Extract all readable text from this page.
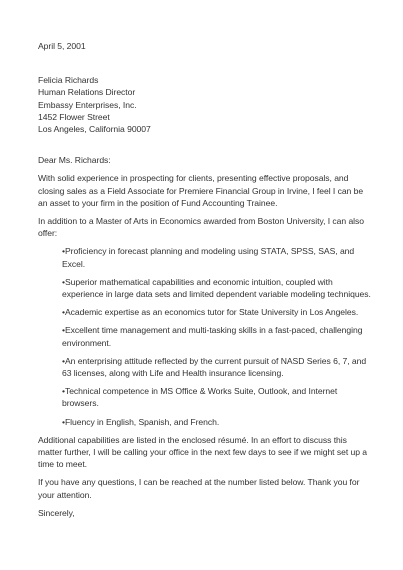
April 5, 2001

Felicia Richards
Human Relations Director
Embassy Enterprises, Inc.
1452 Flower Street
Los Angeles, California 90007

Dear Ms. Richards:

With solid experience in prospecting for clients, presenting effective proposals, and closing sales as a Field Associate for Premiere Financial Group in Irvine, I feel I can be an asset to your firm in the position of Fund Accounting Trainee.

In addition to a Master of Arts in Economics awarded from Boston University, I can also offer:

•Proficiency in forecast planning and modeling using STATA, SPSS, SAS, and Excel.
•Superior mathematical capabilities and economic intuition, coupled with experience in large data sets and limited dependent variable modeling techniques.
•Academic expertise as an economics tutor for State University in Los Angeles.
•Excellent time management and multi-tasking skills in a fast-paced, challenging environment.
•An enterprising attitude reflected by the current pursuit of NASD Series 6, 7, and 63 licenses, along with Life and Health insurance licensing.
•Technical competence in MS Office & Works Suite, Outlook, and Internet browsers.
•Fluency in English, Spanish, and French.

Additional capabilities are listed in the enclosed résumé. In an effort to discuss this matter further, I will be calling your office in the next few days to see if we might set up a time to meet.

If you have any questions, I can be reached at the number listed below. Thank you for your attention.

Sincerely,
